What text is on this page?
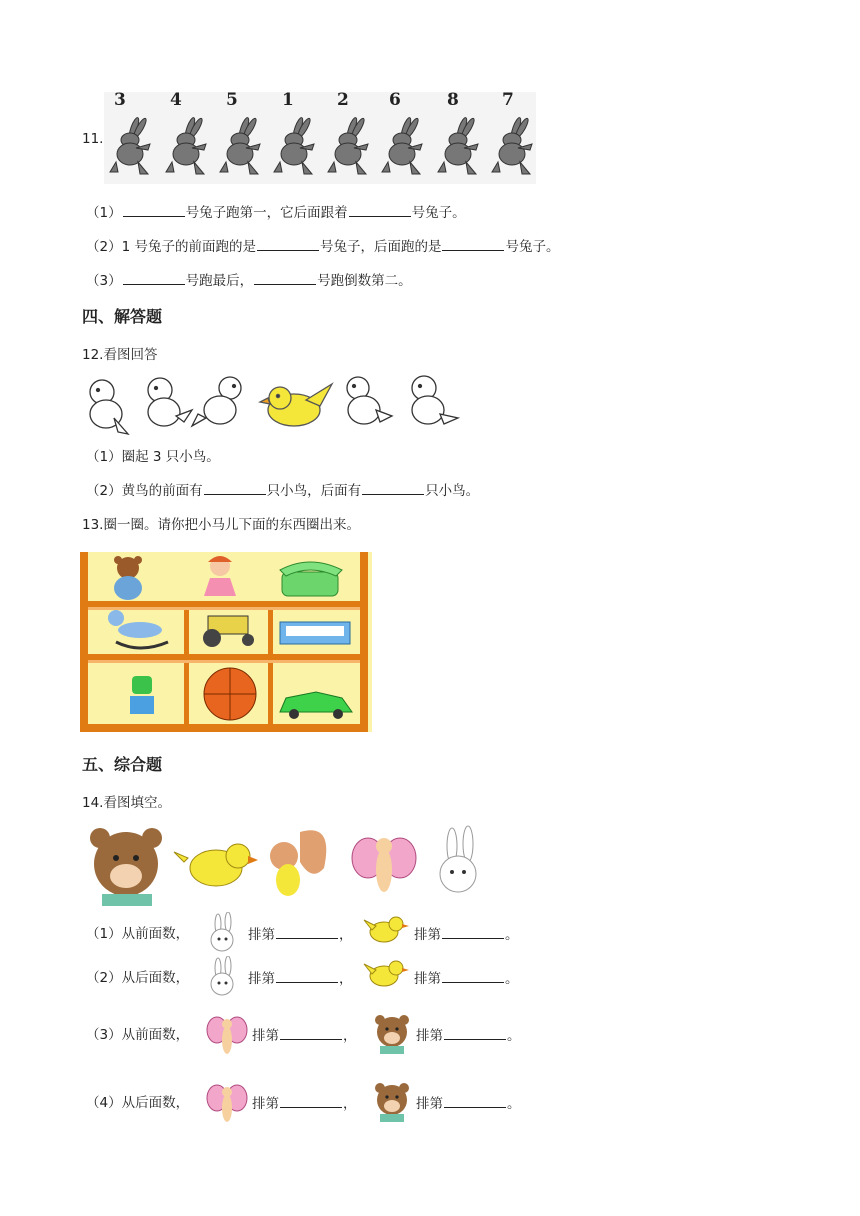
11.
3	4	5	1	2 6	8	7
（1）	号兔子跑第一，它后面跟着	号兔子。
（2）1 号兔子的前面跑的是	号兔子，后面跑的是	号兔子。
（3）	号跑最后，	号跑倒数第二。
四、解答题
12.看图回答
（1）圈起 3 只小鸟。
（2）黄鸟的前面有	只小鸟，后面有	只小鸟。
13.圈一圈。请你把小马儿下面的东西圈出来。
五、综合题
14.看图填空。
（1）从前面数，	排第	，	排第	。
（2）从后面数，	排第	，	排第	。
（3）从前面数，	排第	，	排第	。
（4）从后面数，	排第	，	排第	。
